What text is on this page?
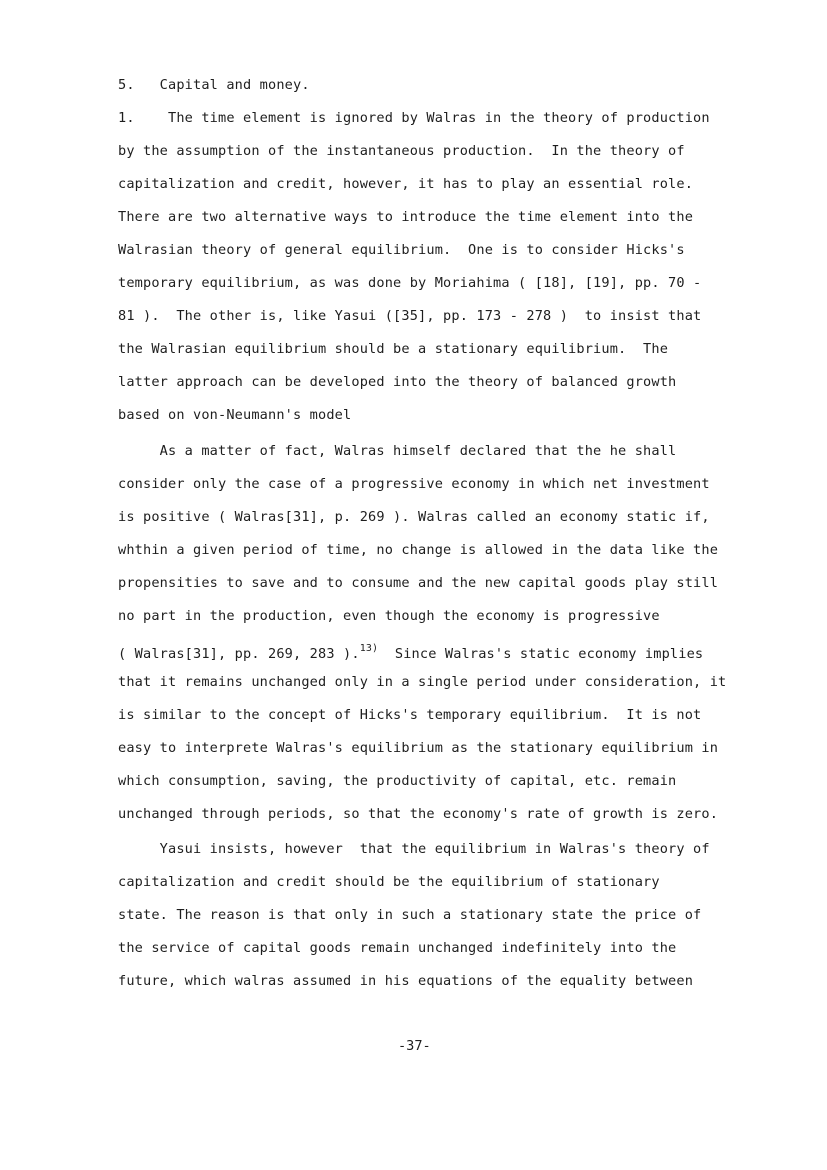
5.   Capital and money.
1.    The time element is ignored by Walras in the theory of production
by the assumption of the instantaneous production.  In the theory of
capitalization and credit, however, it has to play an essential role.
There are two alternative ways to introduce the time element into the
Walrasian theory of general equilibrium.  One is to consider Hicks's
temporary equilibrium, as was done by Moriahima ( [18], [19], pp. 70 -
81 ).  The other is, like Yasui ([35], pp. 173 - 278 )  to insist that
the Walrasian equilibrium should be a stationary equilibrium.  The
latter approach can be developed into the theory of balanced growth
based on von-Neumann's model
As a matter of fact, Walras himself declared that the he shall
consider only the case of a progressive economy in which net investment
is positive ( Walras[31], p. 269 ). Walras called an economy static if,
whthin a given period of time, no change is allowed in the data like the
propensities to save and to consume and the new capital goods play still
no part in the production, even though the economy is progressive
( Walras[31], pp. 269, 283 ).$^{13)}$  Since Walras's static economy implies
that it remains unchanged only in a single period under consideration, it
is similar to the concept of Hicks's temporary equilibrium.  It is not
easy to interprete Walras's equilibrium as the stationary equilibrium in
which consumption, saving, the productivity of capital, etc. remain
unchanged through periods, so that the economy's rate of growth is zero.
Yasui insists, however  that the equilibrium in Walras's theory of
capitalization and credit should be the equilibrium of stationary
state. The reason is that only in such a stationary state the price of
the service of capital goods remain unchanged indefinitely into the
future, which walras assumed in his equations of the equality between
-37-
